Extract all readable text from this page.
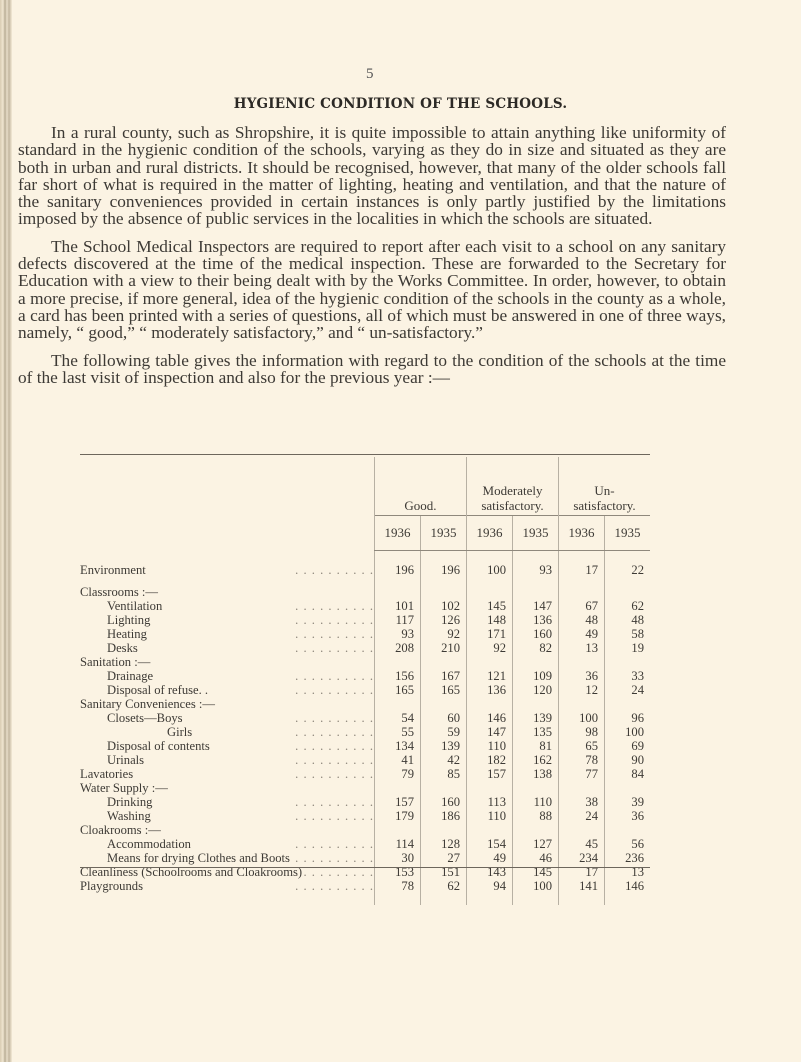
5
HYGIENIC CONDITION OF THE SCHOOLS.

In a rural county, such as Shropshire, it is quite impossible to attain anything like uniformity of standard in the hygienic condition of the schools, varying as they do in size and situated as they are both in urban and rural districts. It should be recognised, however, that many of the older schools fall far short of what is required in the matter of lighting, heating and ventilation, and that the nature of the sanitary conveniences provided in certain instances is only partly justified by the limitations imposed by the absence of public services in the localities in which the schools are situated.

The School Medical Inspectors are required to report after each visit to a school on any sanitary defects discovered at the time of the medical inspection. These are forwarded to the Secretary for Education with a view to their being dealt with by the Works Committee. In order, however, to obtain a more precise, if more general, idea of the hygienic condition of the schools in the county as a whole, a card has been printed with a series of questions, all of which must be answered in one of three ways, namely, “ good,” “ moderately satisfactory,” and “ un-satisfactory.”

The following table gives the information with regard to the condition of the schools at the time of the last visit of inspection and also for the previous year :—

	Good.		Moderately
satisfactory.		Un-
satisfactory.	
	1936	1935	1936	1935	1936	1935

Environment . . . . . . . . . .	196	196	100	93	17	22

Classrooms :—						
Ventilation . . . . . . . . . .	101	102	145	147	67	62
Lighting . . . . . . . . . .	117	126	148	136	48	48
Heating . . . . . . . . . .	93	92	171	160	49	58
Desks . . . . . . . . . .	208	210	92	82	13	19
Sanitation :—						
Drainage . . . . . . . . . .	156	167	121	109	36	33
Disposal of refuse. . . . . . . . . . . .	165	165	136	120	12	24
Sanitary Conveniences :—						
Closets—Boys . . . . . . . . . .	54	60	146	139	100	96
Girls . . . . . . . . . .	55	59	147	135	98	100
Disposal of contents . . . . . . . . . .	134	139	110	81	65	69
Urinals . . . . . . . . . .	41	42	182	162	78	90
Lavatories . . . . . . . . . .	79	85	157	138	77	84
Water Supply :—						
Drinking . . . . . . . . . .	157	160	113	110	38	39
Washing . . . . . . . . . .	179	186	110	88	24	36
Cloakrooms :—						
Accommodation . . . . . . . . . .	114	128	154	127	45	56
Means for drying Clothes and Boots . . . . . . . . . .	30	27	49	46	234	236
Cleanliness (Schoolrooms and Cloakrooms)
. . . . . . . . . .	153	151	143	145	17	13
Playgrounds . . . . . . . . . .	78	62	94	100	141	146
